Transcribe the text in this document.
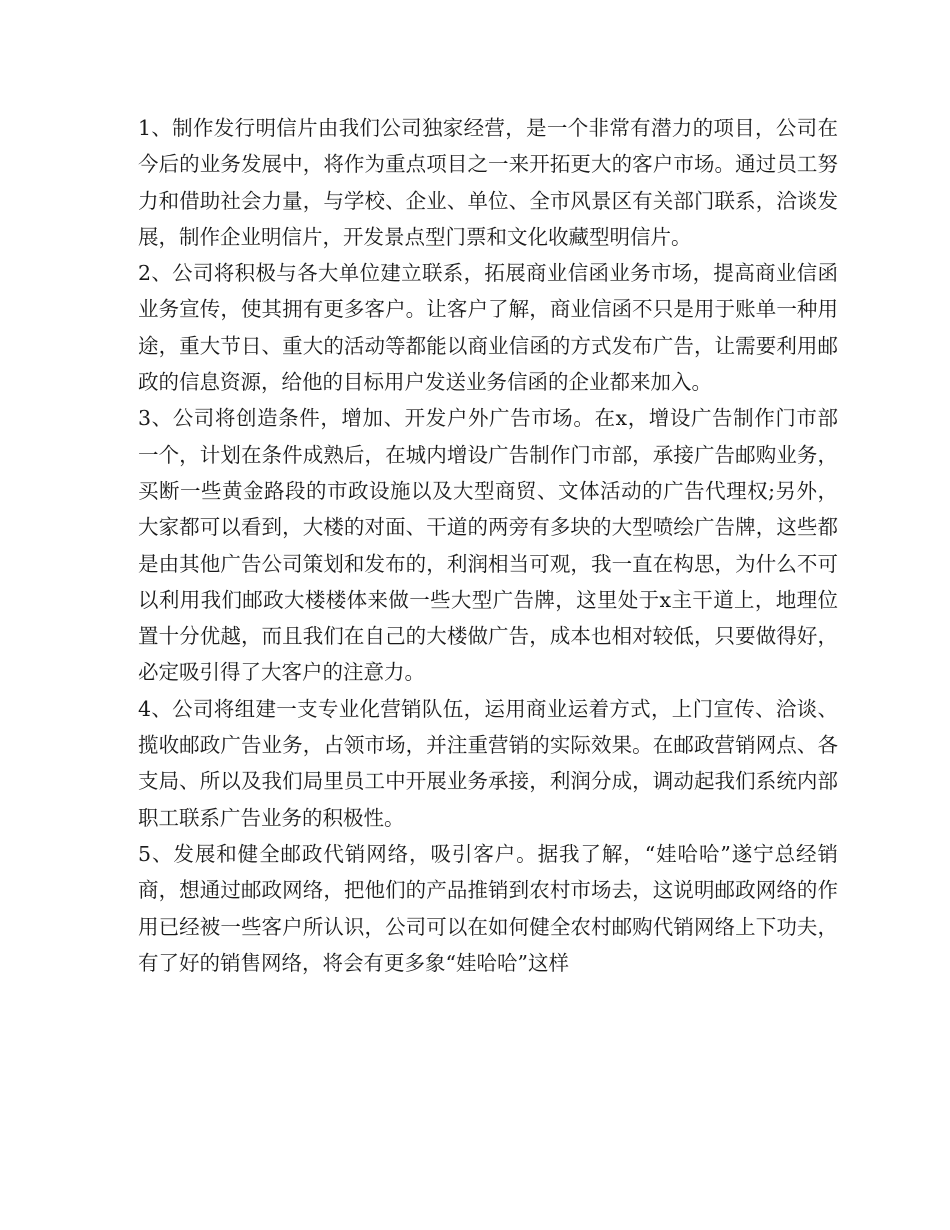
1、制作发行明信片由我们公司独家经营，是一个非常有潜力的项目，公司在今后的业务发展中，将作为重点项目之一来开拓更大的客户市场。通过员工努力和借助社会力量，与学校、企业、单位、全市风景区有关部门联系，洽谈发展，制作企业明信片，开发景点型门票和文化收藏型明信片。

2、公司将积极与各大单位建立联系，拓展商业信函业务市场，提高商业信函业务宣传，使其拥有更多客户。让客户了解，商业信函不只是用于账单一种用途，重大节日、重大的活动等都能以商业信函的方式发布广告，让需要利用邮政的信息资源，给他的目标用户发送业务信函的企业都来加入。

3、公司将创造条件，增加、开发户外广告市场。在x，增设广告制作门市部一个，计划在条件成熟后，在城内增设广告制作门市部，承接广告邮购业务，买断一些黄金路段的市政设施以及大型商贸、文体活动的广告代理权;另外，大家都可以看到，大楼的对面、干道的两旁有多块的大型喷绘广告牌，这些都是由其他广告公司策划和发布的，利润相当可观，我一直在构思，为什么不可以利用我们邮政大楼楼体来做一些大型广告牌，这里处于x主干道上，地理位置十分优越，而且我们在自己的大楼做广告，成本也相对较低，只要做得好，必定吸引得了大客户的注意力。

4、公司将组建一支专业化营销队伍，运用商业运着方式，上门宣传、洽谈、揽收邮政广告业务，占领市场，并注重营销的实际效果。在邮政营销网点、各支局、所以及我们局里员工中开展业务承接，利润分成，调动起我们系统内部职工联系广告业务的积极性。

5、发展和健全邮政代销网络，吸引客户。据我了解，“娃哈哈”遂宁总经销商，想通过邮政网络，把他们的产品推销到农村市场去，这说明邮政网络的作用已经被一些客户所认识，公司可以在如何健全农村邮购代销网络上下功夫，有了好的销售网络，将会有更多象“娃哈哈”这样
